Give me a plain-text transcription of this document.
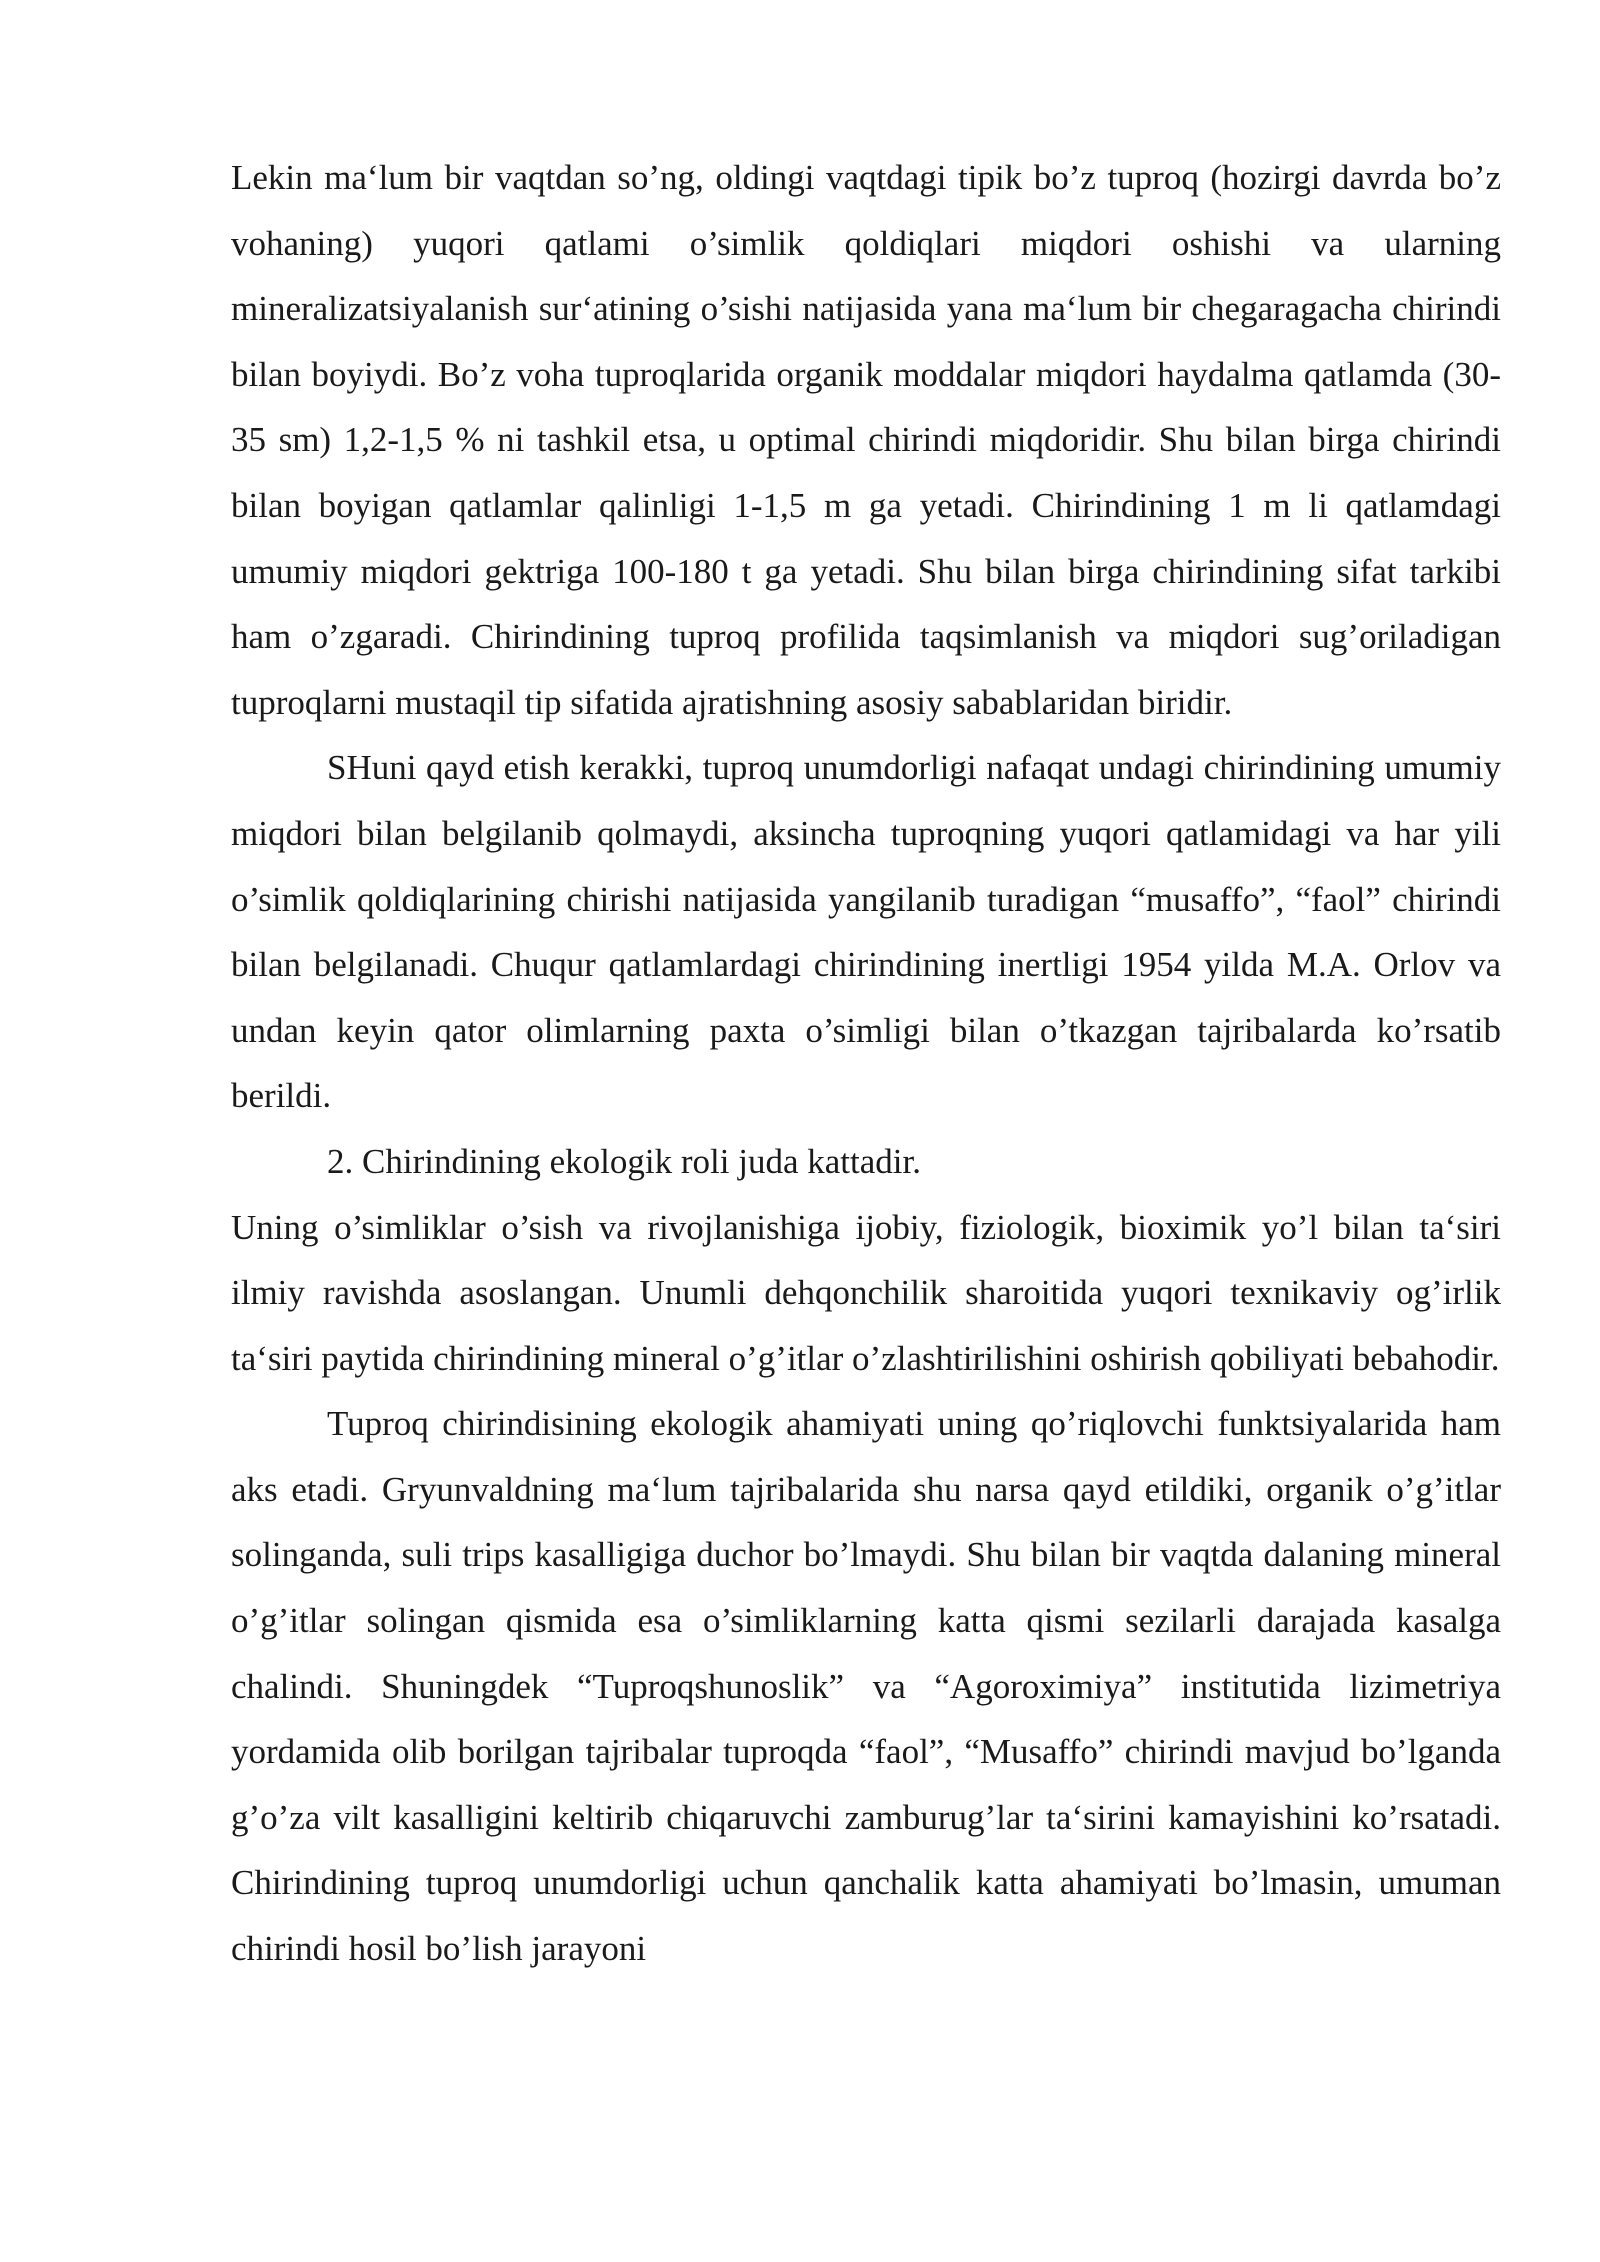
Lekin maʻlum bir vaqtdan so’ng, oldingi vaqtdagi tipik bo’z tuproq (hozirgi davrda bo’z vohaning) yuqori qatlami o’simlik qoldiqlari miqdori oshishi va ularning mineralizatsiyalanish surʻatining o’sishi natijasida yana maʻlum bir chegaragacha chirindi bilan boyiydi. Bo’z voha tuproqlarida organik moddalar miqdori haydalma qatlamda (30-35 sm) 1,2-1,5 % ni tashkil etsa, u optimal chirindi miqdoridir. Shu bilan birga chirindi bilan boyigan qatlamlar qalinligi 1-1,5 m ga yetadi. Chirindining 1 m li qatlamdagi umumiy miqdori gektriga 100-180 t ga yetadi. Shu bilan birga chirindining sifat tarkibi ham o’zgaradi. Chirindining tuproq profilida taqsimlanish va miqdori sug’oriladigan tuproqlarni mustaqil tip sifatida ajratishning asosiy sabablaridan biridir.

SHuni qayd etish kerakki, tuproq unumdorligi nafaqat undagi chirindining umumiy miqdori bilan belgilanib qolmaydi, aksincha tuproqning yuqori qatlamidagi va har yili o’simlik qoldiqlarining chirishi natijasida yangilanib turadigan “musaffo”, “faol” chirindi bilan belgilanadi. Chuqur qatlamlardagi chirindining inertligi 1954 yilda M.A. Orlov va undan keyin qator olimlarning paxta o’simligi bilan o’tkazgan tajribalarda ko’rsatib berildi.

2. Chirindining ekologik roli juda kattadir.

Uning o’simliklar o’sish va rivojlanishiga ijobiy, fiziologik, bioximik yo’l bilan taʻsiri ilmiy ravishda asoslangan. Unumli dehqonchilik sharoitida yuqori texnikaviy og’irlik taʻsiri paytida chirindining mineral o’g’itlar o’zlashtirilishini oshirish qobiliyati bebahodir.

Tuproq chirindisining ekologik ahamiyati uning qo’riqlovchi funktsiyalarida ham aks etadi. Gryunvaldning maʻlum tajribalarida shu narsa qayd etildiki, organik o’g’itlar solinganda, suli trips kasalligiga duchor bo’lmaydi. Shu bilan bir vaqtda dalaning mineral o’g’itlar solingan qismida esa o’simliklarning katta qismi sezilarli darajada kasalga chalindi. Shuningdek “Tuproqshunoslik” va “Agoroximiya” institutida lizimetriya yordamida olib borilgan tajribalar tuproqda “faol”, “Musaffo” chirindi mavjud bo’lganda g’o’za vilt kasalligini keltirib chiqaruvchi zamburug’lar taʻsirini kamayishini ko’rsatadi. Chirindining tuproq unumdorligi uchun qanchalik katta ahamiyati bo’lmasin, umuman chirindi hosil bo’lish jarayoni
